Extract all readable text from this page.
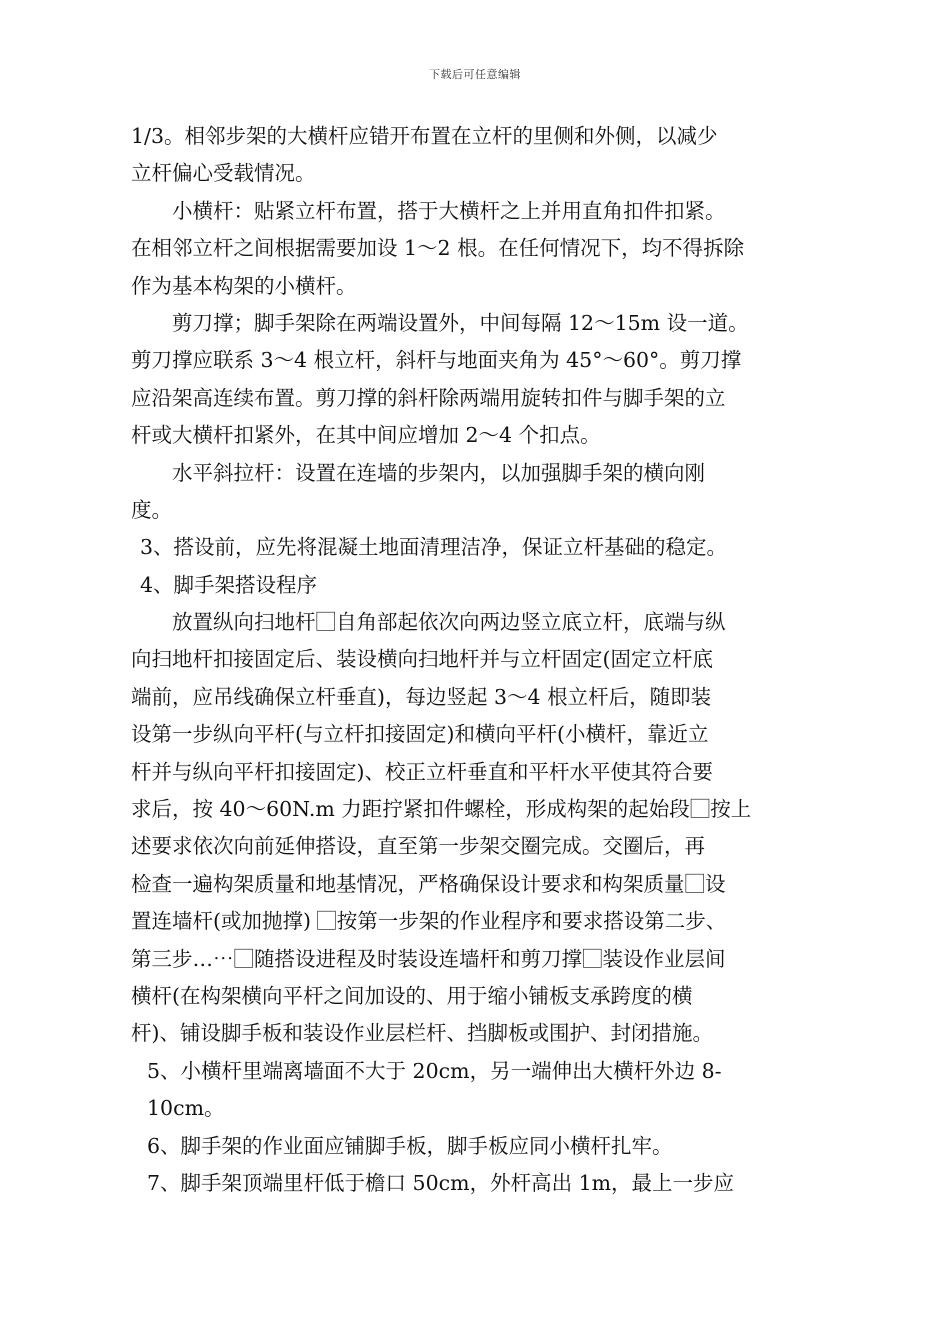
下载后可任意编辑
1/3。相邻步架的大横杆应错开布置在立杆的里侧和外侧，以减少
立杆偏心受载情况。
小横杆：贴紧立杆布置，搭于大横杆之上并用直角扣件扣紧。
在相邻立杆之间根据需要加设 1～2 根。在任何情况下，均不得拆除
作为基本构架的小横杆。
剪刀撑；脚手架除在两端设置外，中间每隔 12～15m 设一道。
剪刀撑应联系 3～4 根立杆，斜杆与地面夹角为 45°～60°。剪刀撑
应沿架高连续布置。剪刀撑的斜杆除两端用旋转扣件与脚手架的立
杆或大横杆扣紧外，在其中间应增加 2～4 个扣点。
水平斜拉杆：设置在连墙的步架内，以加强脚手架的横向刚
度。
3、搭设前，应先将混凝土地面清理洁净，保证立杆基础的稳定。
4、脚手架搭设程序
放置纵向扫地杆⃞自角部起依次向两边竖立底立杆，底端与纵
向扫地杆扣接固定后、装设横向扫地杆并与立杆固定(固定立杆底
端前，应吊线确保立杆垂直)，每边竖起 3～4 根立杆后，随即装
设第一步纵向平杆(与立杆扣接固定)和横向平杆(小横杆，靠近立
杆并与纵向平杆扣接固定)、校正立杆垂直和平杆水平使其符合要
求后，按 40～60N.m 力距拧紧扣件螺栓，形成构架的起始段⃞按上
述要求依次向前延伸搭设，直至第一步架交圈完成。交圈后，再
检查一遍构架质量和地基情况，严格确保设计要求和构架质量⃞设
置连墙杆(或加抛撑) ⃞按第一步架的作业程序和要求搭设第二步、
第三步……⃞随搭设进程及时装设连墙杆和剪刀撑⃞装设作业层间
横杆(在构架横向平杆之间加设的、用于缩小铺板支承跨度的横
杆)、铺设脚手板和装设作业层栏杆、挡脚板或围护、封闭措施。
5、小横杆里端离墙面不大于 20cm，另一端伸出大横杆外边 8-
10cm。
6、脚手架的作业面应铺脚手板，脚手板应同小横杆扎牢。
7、脚手架顶端里杆低于檐口 50cm，外杆高出 1m，最上一步应
